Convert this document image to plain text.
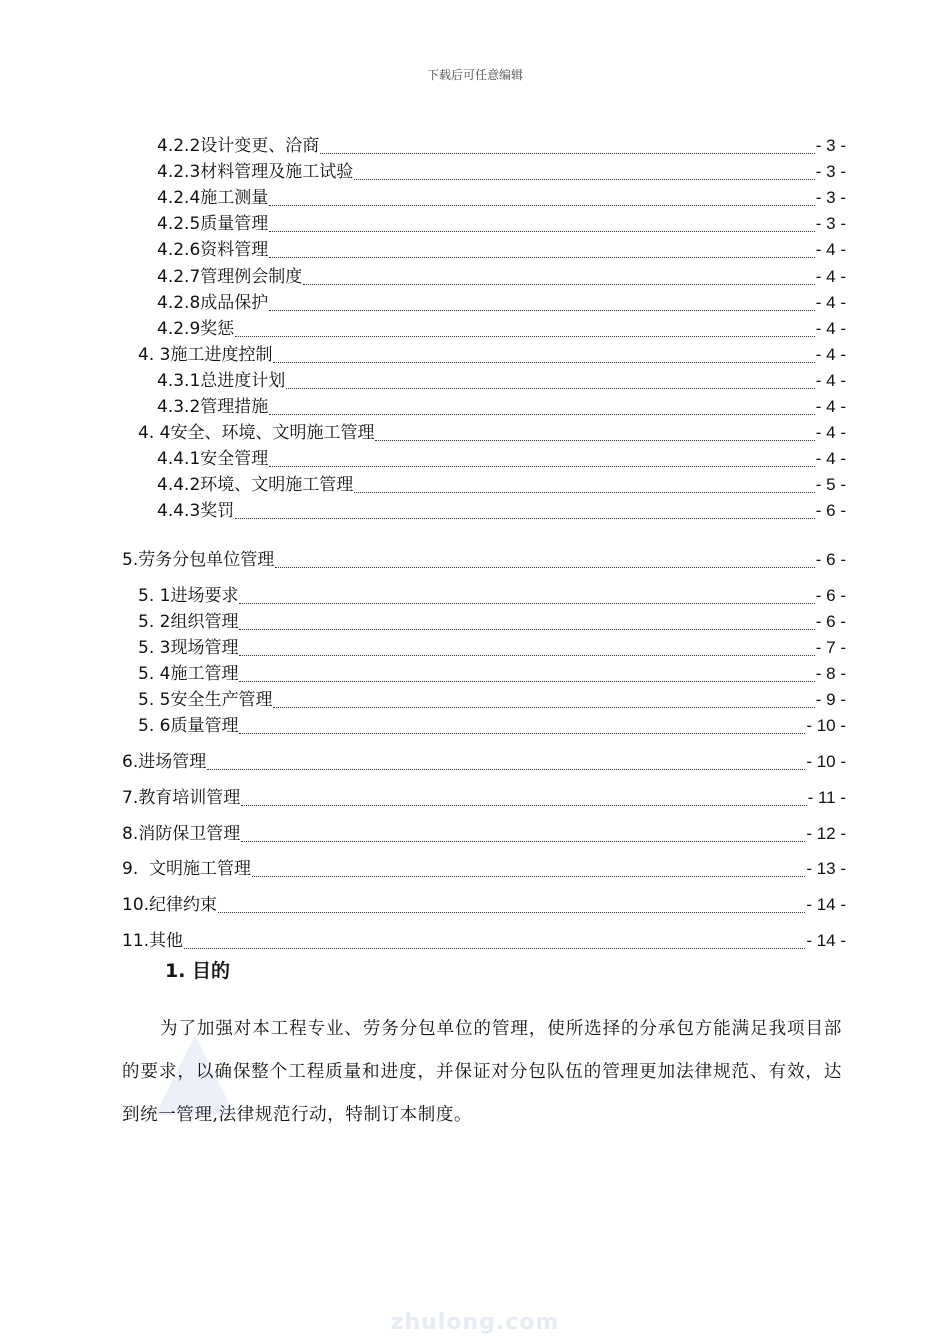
下载后可任意编辑
4.2.2 设计变更、洽商	- 3 -
4.2.3 材料管理及施工试验	- 3 -
4.2.4 施工测量	- 3 -
4.2.5 质量管理	- 3 -
4.2.6 资料管理	- 4 -
4.2.7 管理例会制度	- 4 -
4.2.8 成品保护	- 4 -
4.2.9 奖惩	- 4 -
4. 3 施工进度控制	- 4 -
4.3.1 总进度计划	- 4 -
4.3.2 管理措施	- 4 -
4. 4 安全、环境、文明施工管理	- 4 -
4.4.1 安全管理	- 4 -
4.4.2 环境、文明施工管理	- 5 -
4.4.3 奖罚	- 6 -
5. 劳务分包单位管理	- 6 -
5. 1 进场要求	- 6 -
5. 2 组织管理	- 6 -
5. 3 现场管理	- 7 -
5. 4 施工管理	- 8 -
5. 5 安全生产管理	- 9 -
5. 6 质量管理	- 10 -
6. 进场管理	- 10 -
7. 教育培训管理	- 11 -
8. 消防保卫管理	- 12 -
9. 文明施工管理	- 13 -
10. 纪律约束	- 14 -
11. 其他	- 14 -
1. 目的
为了加强对本工程专业、劳务分包单位的管理，使所选择的分承包方能满足我项目部的要求，以确保整个工程质量和进度，并保证对分包队伍的管理更加法律规范、有效，达到统一管理,法律规范行动，特制订本制度。
zhulong.com
